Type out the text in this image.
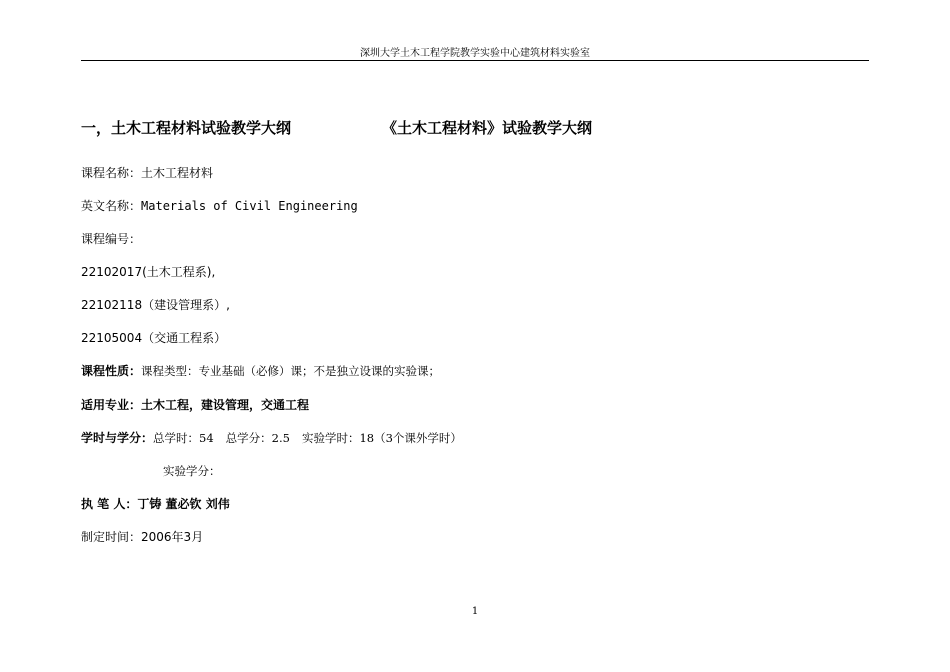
深圳大学土木工程学院教学实验中心建筑材料实验室
一，土木工程材料试验教学大纲	《土木工程材料》试验教学大纲
课程名称：土木工程材料
英文名称：Materials of Civil Engineering
课程编号：
22102017(土木工程系),
22102118（建设管理系）,
22105004（交通工程系）
课程性质：课程类型：专业基础（必修）课；不是独立设课的实验课；
适用专业：土木工程，建设管理，交通工程
学时与学分：总学时：54 总学分：2.5 实验学时：18（3个课外学时）
实验学分：
执 笔 人：丁铸 董必钦 刘伟
制定时间：2006年3月
1
